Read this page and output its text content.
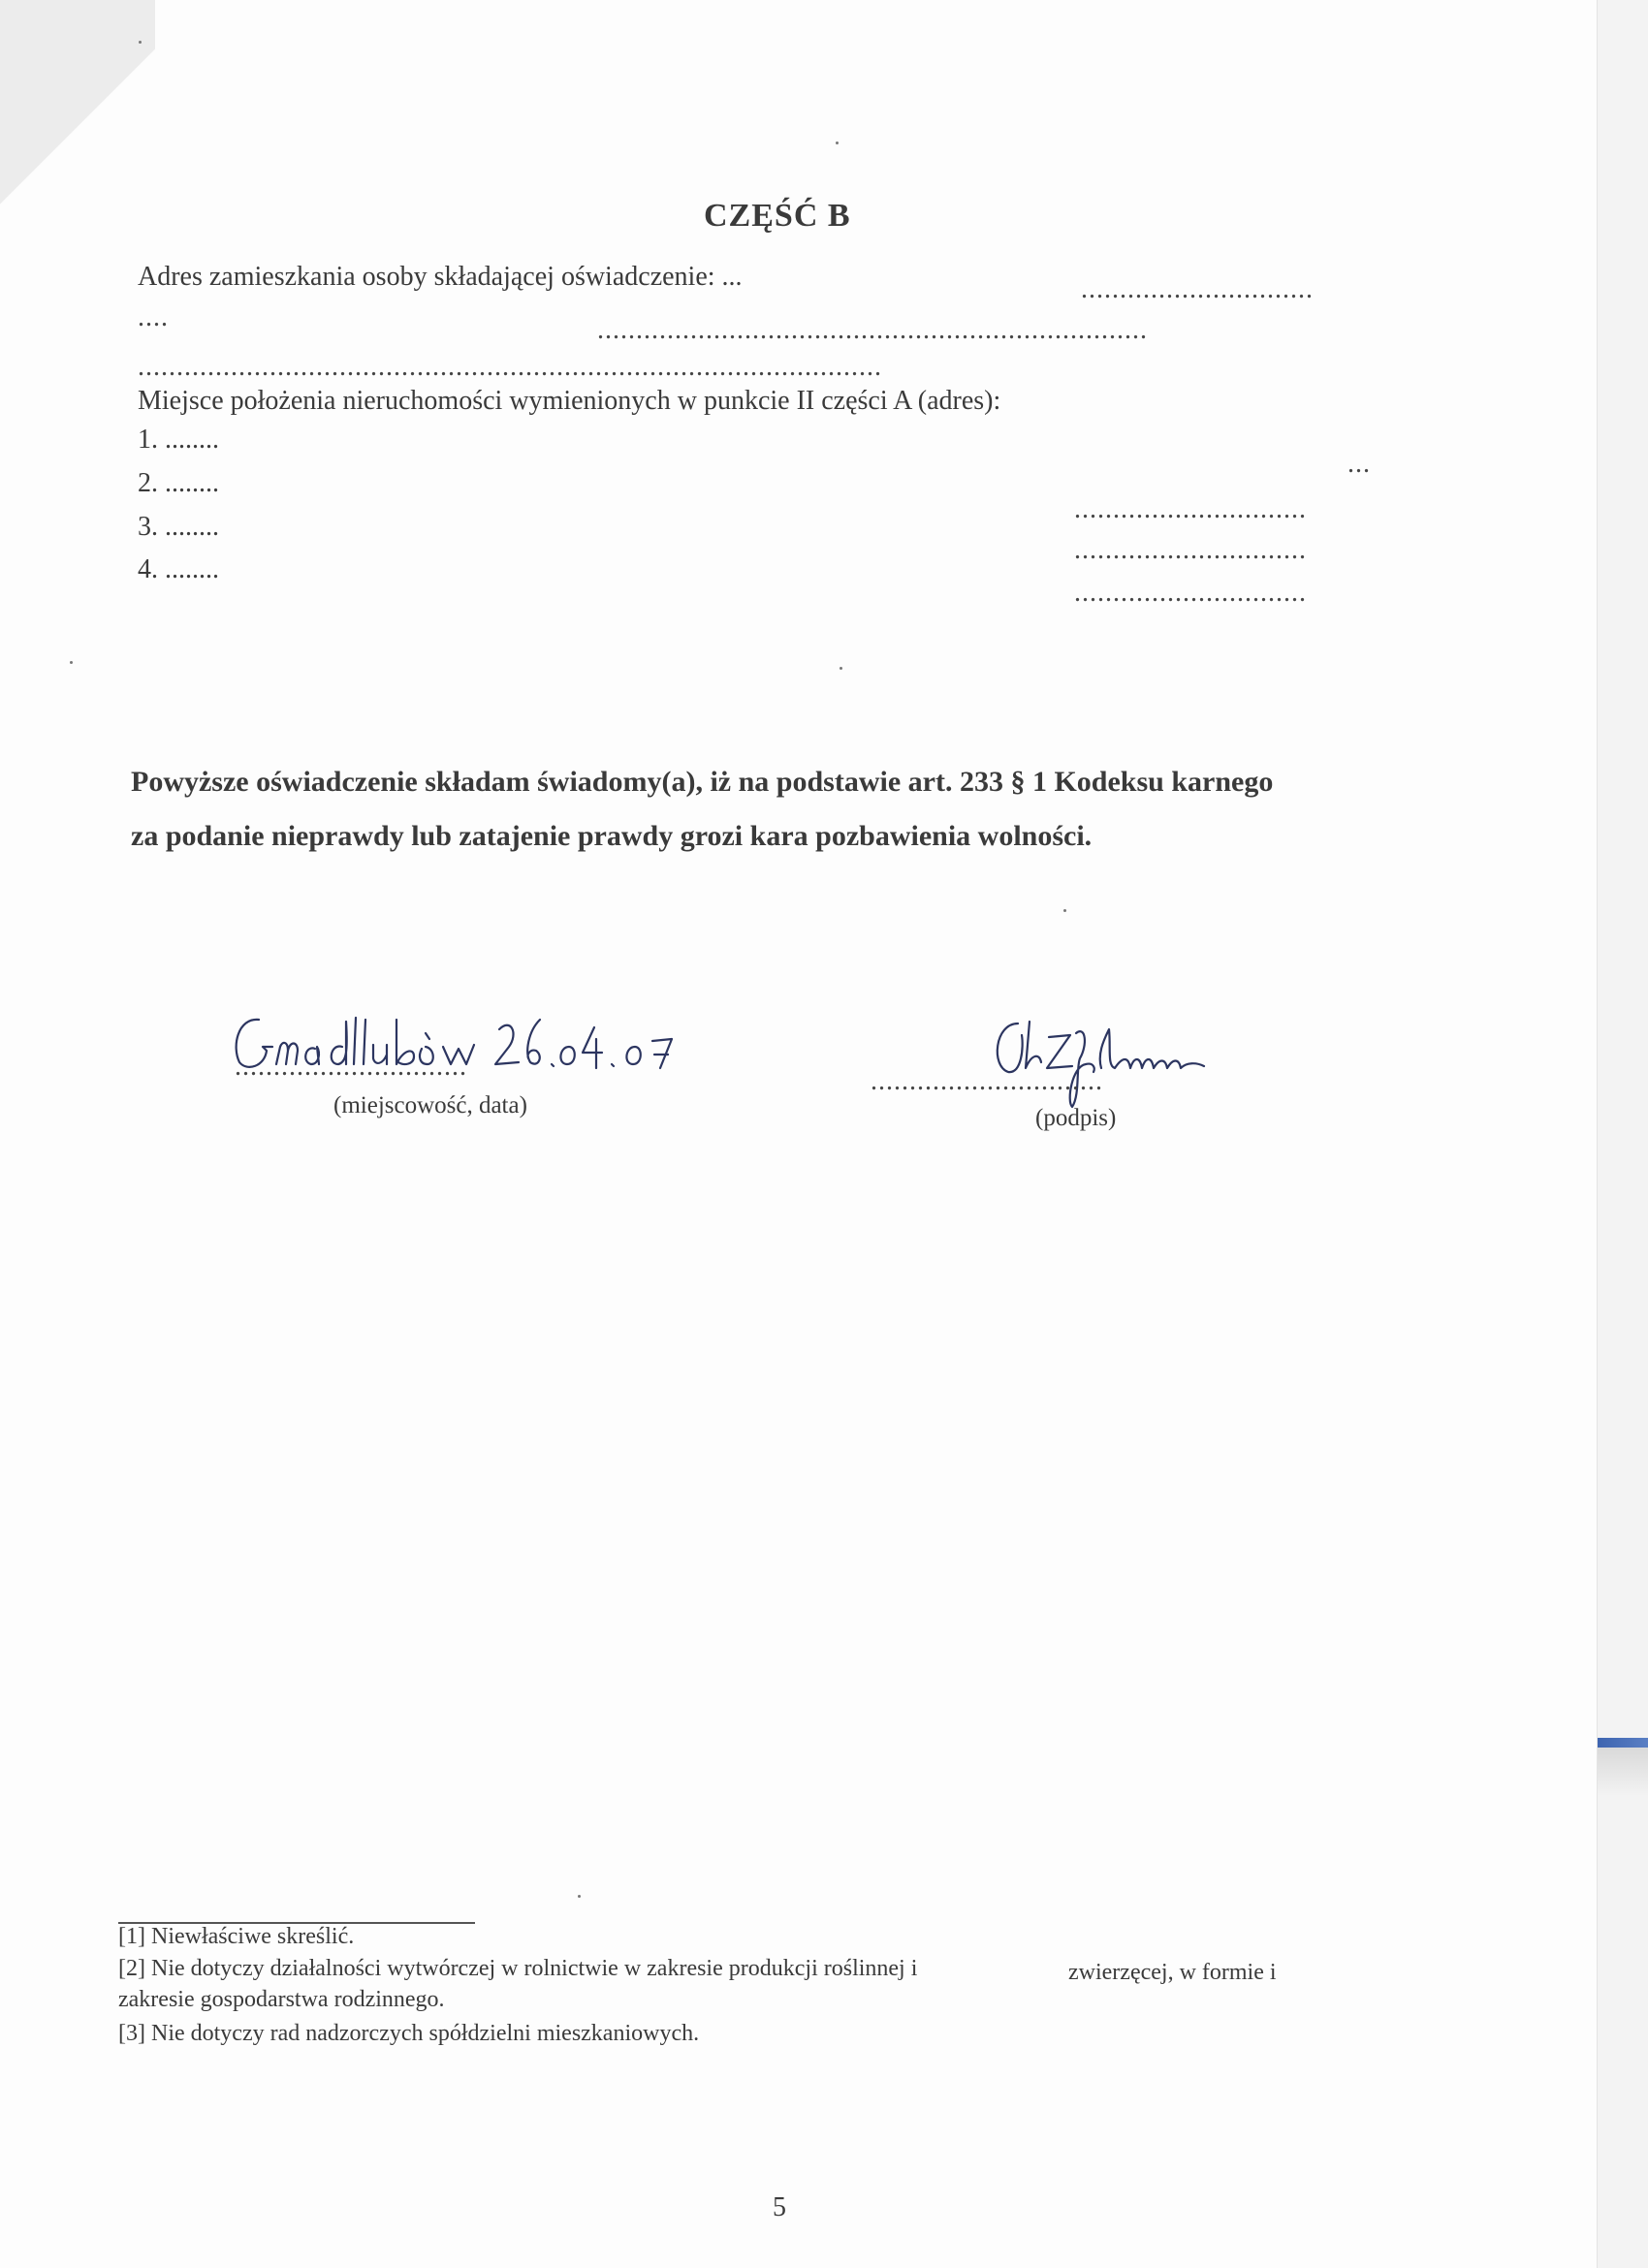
CZĘŚĆ B
Adres zamieszkania osoby składającej oświadczenie: ...	..............................
....	.......................................................................
................................................................................................
Miejsce położenia nieruchomości wymienionych w punkcie II części A (adres):
1. ........
...
2. ........
..............................
3. ........
..............................
4. ........
..............................
Powyższe oświadczenie składam świadomy(a), iż na podstawie art. 233 § 1 Kodeksu karnego
za podanie nieprawdy lub zatajenie prawdy grozi kara pozbawienia wolności.
..............................
(miejscowość, data)
..............................
(podpis)
[1] Niewłaściwe skreślić.
[2] Nie dotyczy działalności wytwórczej w rolnictwie w zakresie produkcji roślinnej i	zwierzęcej, w formie i
zakresie gospodarstwa rodzinnego.
[3] Nie dotyczy rad nadzorczych spółdzielni mieszkaniowych.
5
